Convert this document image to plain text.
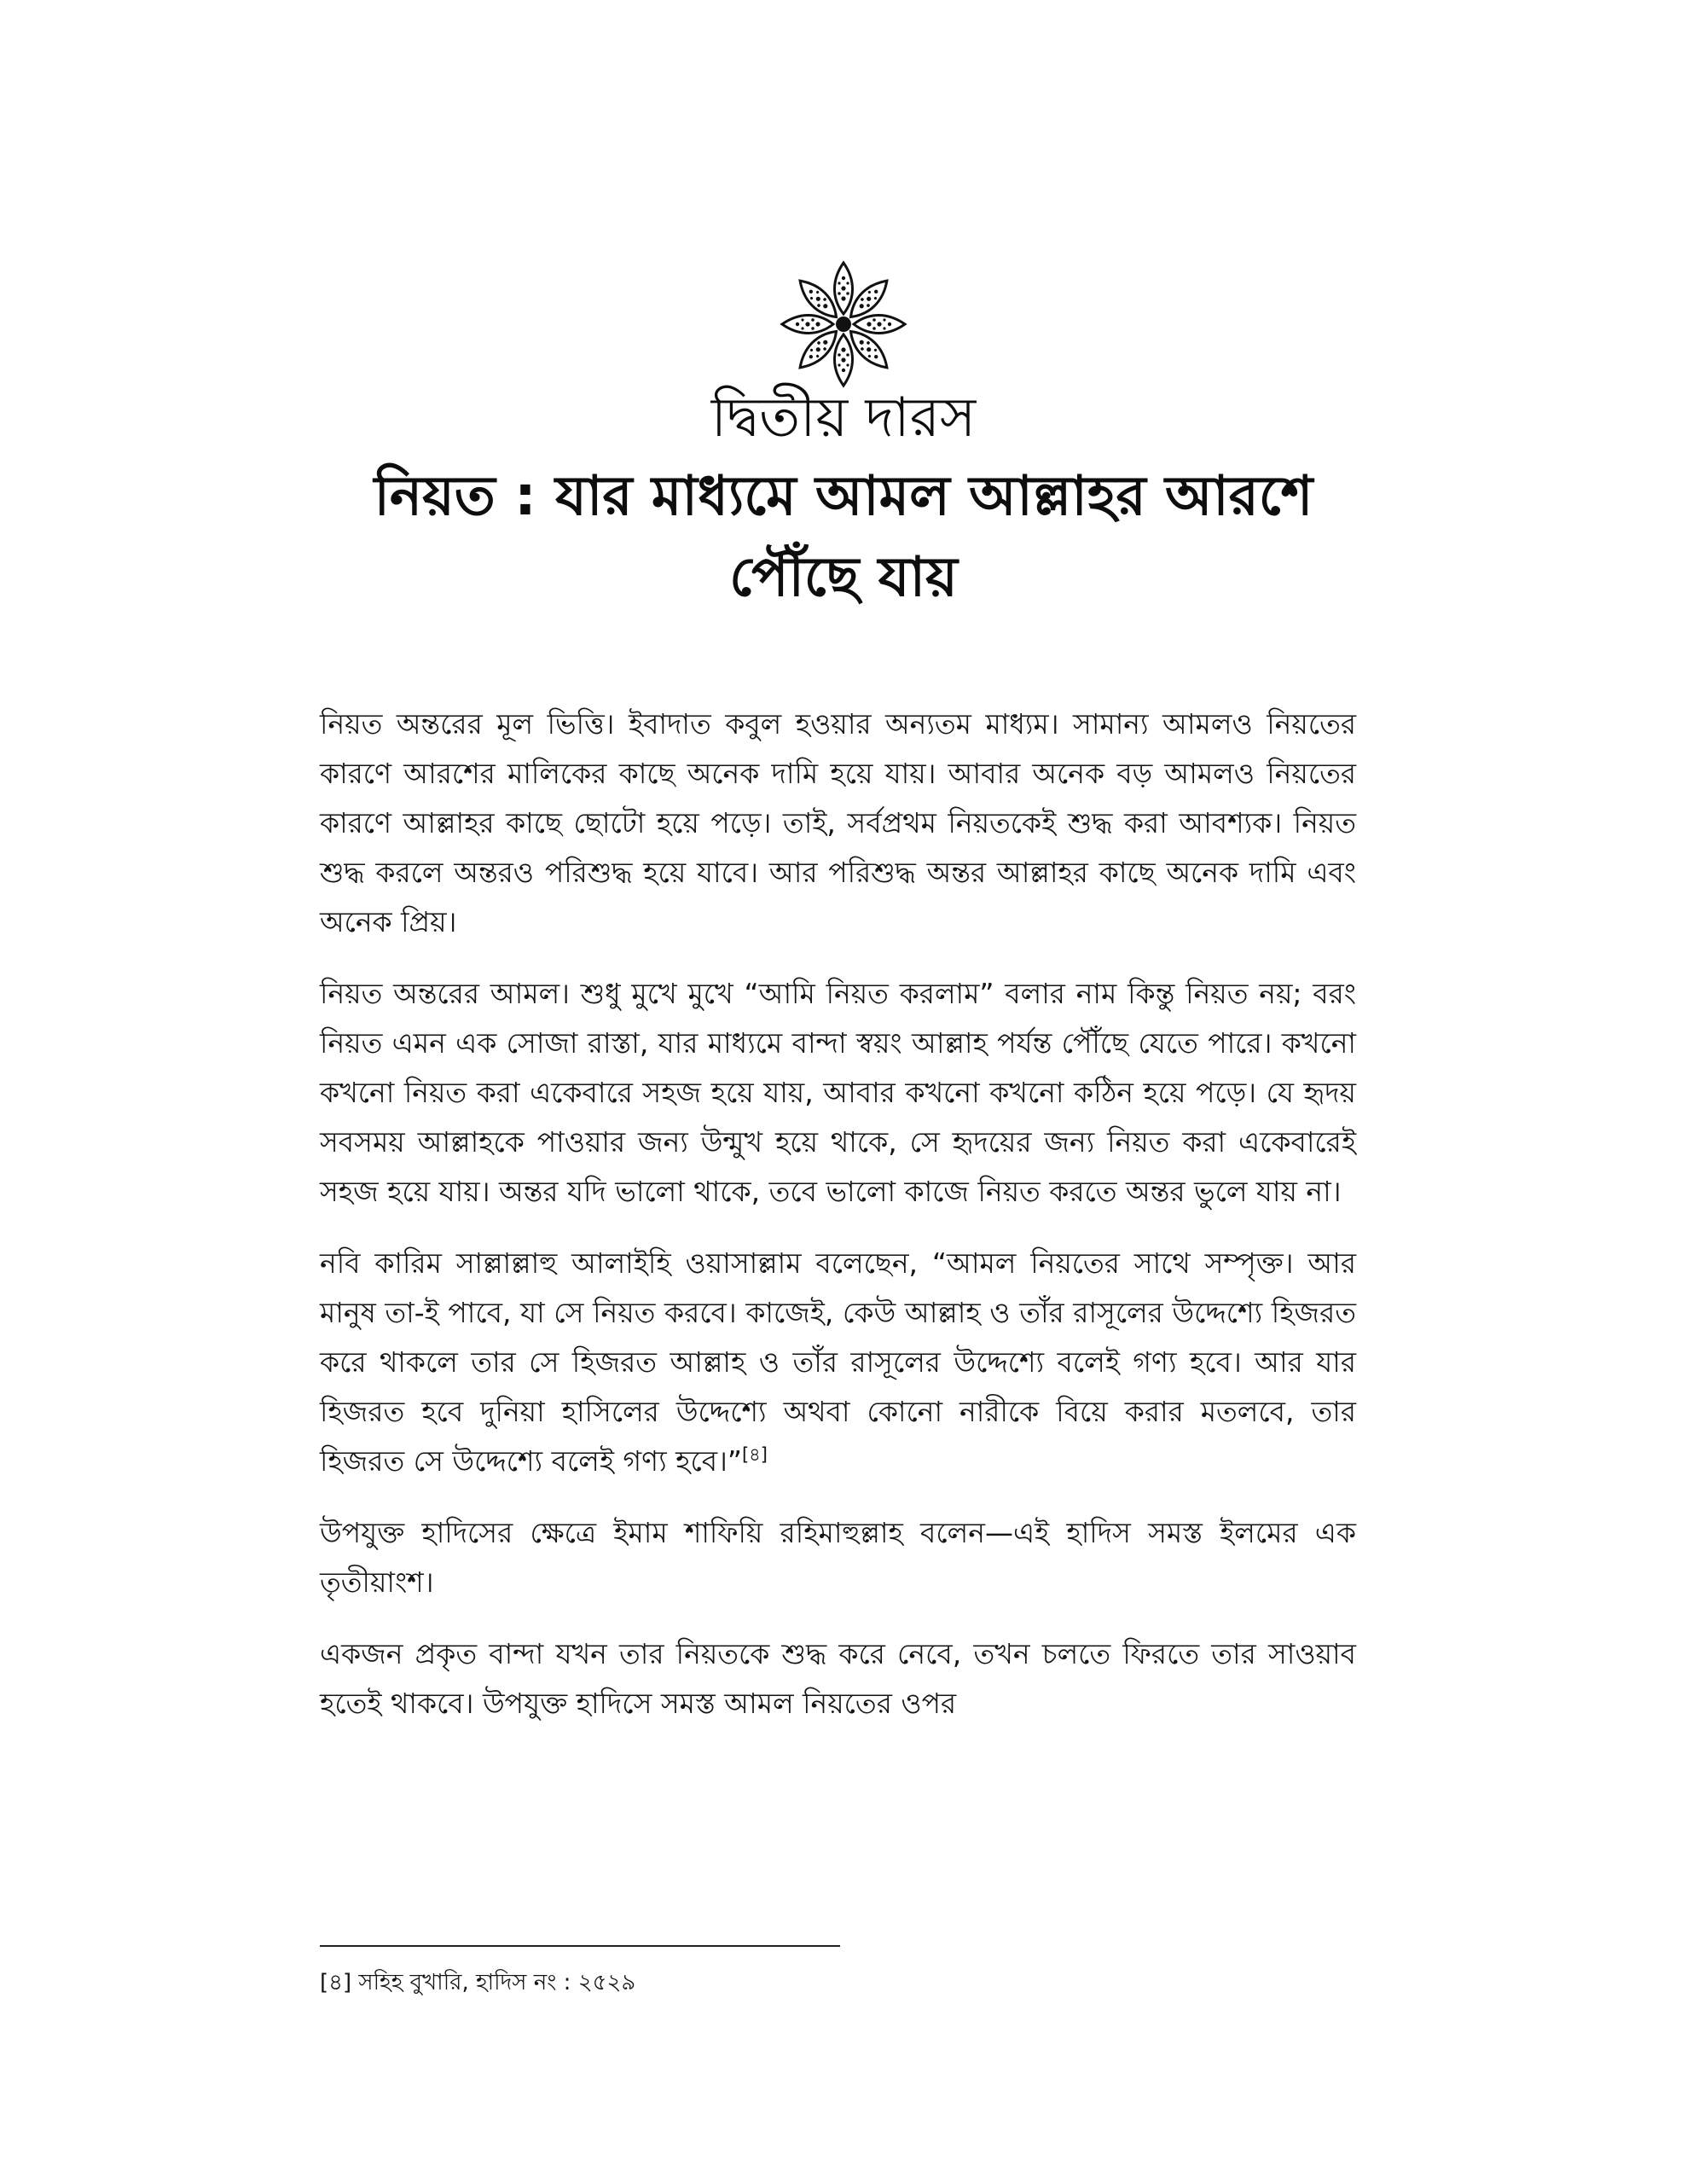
দ্বিতীয় দারস
নিয়ত : যার মাধ্যমে আমল আল্লাহর আরশে
পৌঁছে যায়

নিয়ত অন্তরের মূল ভিত্তি। ইবাদাত কবুল হওয়ার অন্যতম মাধ্যম। সামান্য আমলও নিয়তের কারণে আরশের মালিকের কাছে অনেক দামি হয়ে যায়। আবার অনেক বড় আমলও নিয়তের কারণে আল্লাহর কাছে ছোটো হয়ে পড়ে। তাই, সর্বপ্রথম নিয়তকেই শুদ্ধ করা আবশ্যক। নিয়ত শুদ্ধ করলে অন্তরও পরিশুদ্ধ হয়ে যাবে। আর পরিশুদ্ধ অন্তর আল্লাহর কাছে অনেক দামি এবং অনেক প্রিয়।

নিয়ত অন্তরের আমল। শুধু মুখে মুখে “আমি নিয়ত করলাম” বলার নাম কিন্তু নিয়ত নয়; বরং নিয়ত এমন এক সোজা রাস্তা, যার মাধ্যমে বান্দা স্বয়ং আল্লাহ পর্যন্ত পৌঁছে যেতে পারে। কখনো কখনো নিয়ত করা একেবারে সহজ হয়ে যায়, আবার কখনো কখনো কঠিন হয়ে পড়ে। যে হৃদয় সবসময় আল্লাহকে পাওয়ার জন্য উন্মুখ হয়ে থাকে, সে হৃদয়ের জন্য নিয়ত করা একেবারেই সহজ হয়ে যায়। অন্তর যদি ভালো থাকে, তবে ভালো কাজে নিয়ত করতে অন্তর ভুলে যায় না।

নবি কারিম সাল্লাল্লাহু আলাইহি ওয়াসাল্লাম বলেছেন, “আমল নিয়তের সাথে সম্পৃক্ত। আর মানুষ তা-ই পাবে, যা সে নিয়ত করবে। কাজেই, কেউ আল্লাহ ও তাঁর রাসূলের উদ্দেশ্যে হিজরত করে থাকলে তার সে হিজরত আল্লাহ ও তাঁর রাসূলের উদ্দেশ্যে বলেই গণ্য হবে। আর যার হিজরত হবে দুনিয়া হাসিলের উদ্দেশ্যে অথবা কোনো নারীকে বিয়ে করার মতলবে, তার হিজরত সে উদ্দেশ্যে বলেই গণ্য হবে।”[৪]

উপযুক্ত হাদিসের ক্ষেত্রে ইমাম শাফিয়ি রহিমাহুল্লাহ বলেন—এই হাদিস সমস্ত ইলমের এক তৃতীয়াংশ।

একজন প্রকৃত বান্দা যখন তার নিয়তকে শুদ্ধ করে নেবে, তখন চলতে ফিরতে তার সাওয়াব হতেই থাকবে। উপযুক্ত হাদিসে সমস্ত আমল নিয়তের ওপর

[৪] সহিহ বুখারি, হাদিস নং : ২৫২৯
